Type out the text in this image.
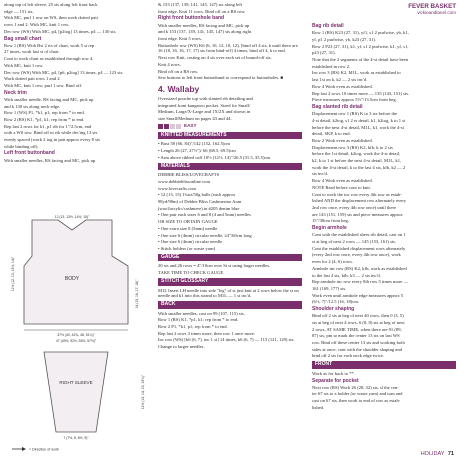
FEVER BASKET
vickieandlanel.com
along top of left sleeve, 25 sts along left front back
edge — 151 sts.
With MC, purl 1 row on WS, then work dotted patt
rows 1 and 2. With MC, knit 1 row.
Dec row (WS) With MC, p4, [p2tog] 13 times, p4 — 130 sts.
Bag small chart
Row 1 (RS) With Bst 2 rts of chart, work 5 st rep
27 times, work last st of chart.
Cont to work chart as established through row 4.
With MC, knit 1 row.
Dec row (WS) With MC, p4, [p6, p2tog] 13 times, p4 — 123 sts.
Work dotted patt rows 1 and 2.
With MC, knit 1 row, purl 1 row. Bind off.
Neck trim
With smaller needle, RS facing and MC, pick up
and k 130 sts along neck edge.
Row 1 (WS) P1, *k1, p1; rep from * to end.
Row 2 (RS) K1, *p1, k1; rep from * to end.
Rep last 2 rows for k1, p1 rib for 1"/2.5cm, end
with a WS row. Bind off in rib while dec'ing 13 sts
evenly spaced (work 2 tog in patt approx every 8 sts
while binding off).
Left front buttonband
With smaller needles, RS facing and MC, pick up
BODY
12 (13, 13½, 14½, 15)"
11½ (12, 13, 13½, 14)"
37½ (40, 43¾, 48, 51¼)"
47 (49½, 52½, 55½, 57½)"
14 (15, 16, 17, 18)"
RIGHT SLEEVE	12½ (13, 14, 15, 15¾)"
7 (7½, 8, 8½, 9)"
= Direction of work
& 153 (137, 139, 141, 145, 147) sts along left
front edge. Knit 11 rows. Bind off on a RS row.
Right front buttonhole band
With smaller needles, RS facing and MC, pick up
and k 153 (137, 139, 141, 145, 147) sts along right
front edge. Knit 5 rows.
Buttonhole row (WS) K6 (6, 10, 12, 10, 12), [bind off 4 sts, k until there are 16 (18, 16, 16, 17, 17) sts from bind-off] 4 times, bind off 4, k to end.
Next row Knit, casting on 4 sts over each set of bound-off sts.
Knit 4 rows.
Bind off on a RS row.
Sew buttons to left front buttonband to correspond to buttonholes. ■
4. Wallaby
Oversized pouche top with slanted rib detailing and
integrated front kangaroo pocket. Sized for Small/
Medium, Large/X-Large and 1X/2X and shown in
size Small/Medium on pages 43 and 44.
EASY
KNITTED MEASUREMENTS
• Bust 58 (66, 84)"/142 (152, 162.5)cm
• Length 26 (27, 27½")/ 66 (68.5, 69.5)cm
• Arm above ribbed cuff 10½ (12½, 14)"/26.5 (31.5, 35.5)cm
MATERIALS
DEBBIE BLISS/LOVECRAFTS
www.debbieblissonline.com
www.lovecrafts.com
• 12 (13, 15) 1¾oz/50g balls (each approx
98yd/90m) of Debbie Bliss Cashmerino Aran
(wool/acrylic/cashmere) in #205 denim blue
• One pair each sizes 6 and 8 (4 and 5mm) needles
OR SIZE TO OBTAIN GAUGE
• One extra size 8 (5mm) needle
• One size 6 (4mm) circular needle, 24"/60cm long
• One size 6 (4mm) circular needle
• Stitch holders (or waste yarn)
GAUGE
20 sts and 26 rows = 4"/10cm over St st using larger needles.
TAKE TIME TO CHECK GAUGE.
STITCH GLOSSARY
M1L Insert LH needle into side "leg" of st just knit at 2 rows below the st on needle and k1 into this strand to M1L — 1 st inc'd.
BACK
With smaller needles, cast on 99 (107, 115) sts.
Row 1 (RS) K1, *p1, k1; rep from * to end.
Row 2 P1, *k1, p1; rep from * to end.
Rep last 2 rows 3 times more, then row 1 once more.
Inc row (WS) [k6 (6, 7), inc 1 st] 14 times, k6 (6, 7) — 113 (121, 129) sts.
Change to larger needles.
Bag rib detail
Row 1 (RS) K23 (27, 31), yf1, s1 2 purlwise, yb, k1,
yf, p1 2 purlwise, yb, k23 (27, 31).
Row 2 P23 (27, 31), k1, yf, s1 2 purlwise, k1, yf, s1,
p23 (27, 31).
Note that the 2 segments of the 4-st detail have been
established in row 2.
Inc row 3 (RS) K2, M1L, work as established to
last 1st on k, k2 — 2 sts inc'd.
Row 4 Work even as established.
Rep last 2 rows 10 times more — 135 (143, 151) sts.
Piece measures approx 5½"/13.5cm from beg.
Bag slanted rib detail
Displacement row 1 (RS) K to 3 sts before the
4-st detail, k2tog, s1 2 rs detail, k1, k2tog, k to 1 st
before the next 4-st detail, M1L, k1, work the 4-st
detail, SKP, k to end.
Row 2 Work even as established.
Displacement row 3 (RS) K2, kfb, k to 2 sts
before the 1st detail, k2tog, work the 4-st detail,
k2, k to 1 st before the next 4-st detail, M1L, k1,
work the 4-st detail, k to the last 4 sts, kfb, k2 — 2
sts inc'd.
Row 4 Work even as established.
NOTE Read before cont to knit.
Cont to work the inc row every 4th row as estab-
lished AND the displacement row alternately every
2nd row once, every 4th row once) until there
are 143 (151, 159) sts and piece measures approx
15"/38cm from beg.
Begin armhole
Cont with the established sheer rib detail, cast on 1
st at beg of next 2 rows — 145 (153, 161) sts.
Cont the established displacement rows alternately
(every 2nd row once, every 4th row once), work
even for 2 (4, 6) rows.
Armhole inc row (RS) K2, kfb, work as established
to the last 4 sts, kfb, k3 — 2 sts inc'd.
Rep armhole inc row every 8th row 5 times more —
161 (169, 177) sts.
Work even until armhole edge measures approx 5
(6½, 7)"/12.5 (16, 18)cm.
Shoulder shaping
Bind off 2 sts at beg of next 40 rows, then 0 (3, 5)
sts at beg of next 4 rows, 6 (8, 8) sts at beg of next
2 rows, AT SAME TIME, when there are 91 (89,
87) sts, pm to mark the center 13 sts on last WS
row. Bind off these center 13 sts and working both
sides at once, cont with the shoulder shaping and
bind off 2 sts for each neck edge twice.
FRONT
Work as for back to **.
Separate for pocket
Next row (RS) Work 26 (28, 32) sts, sl the cen-
ter 67 sts to a holder (or waste yarn) and turn and
cast on 67 sts, then work to end of row as estab-
lished.
HOLIDAY 71
